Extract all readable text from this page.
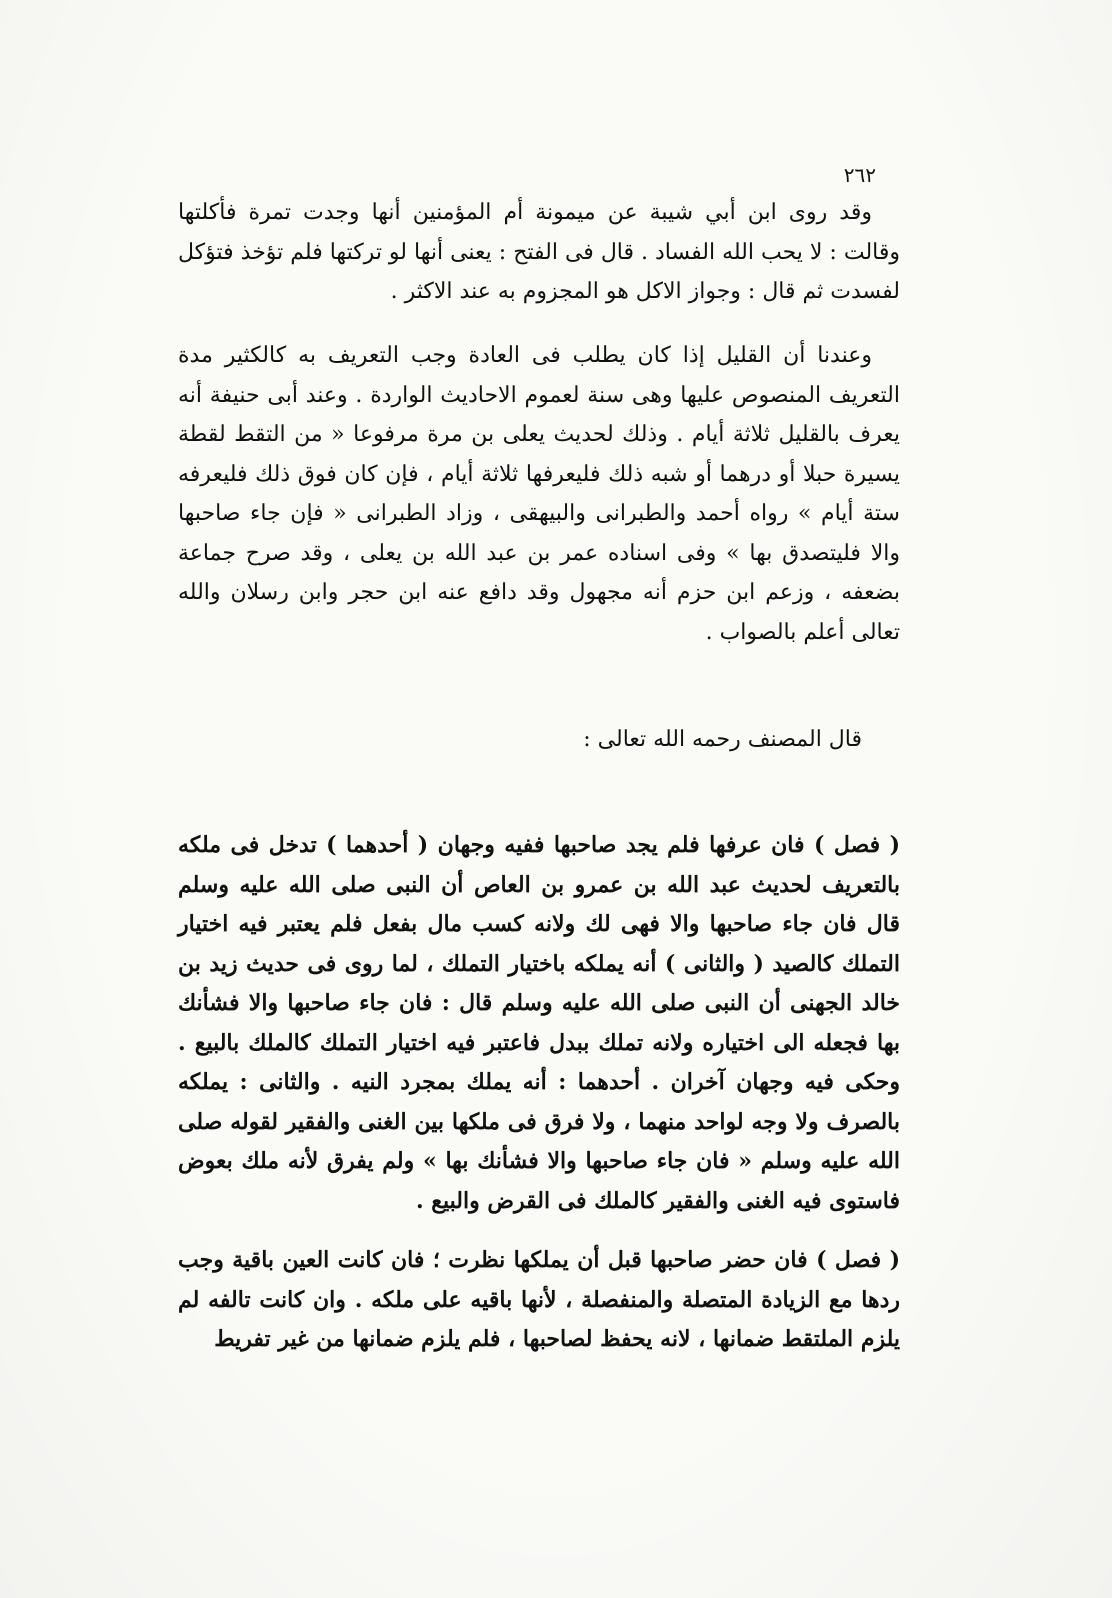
٢٦٢

وقد روى ابن أبي شيبة عن ميمونة أم المؤمنين أنها وجدت تمرة فأكلتها وقالت : لا يحب الله الفساد . قال فى الفتح : يعنى أنها لو تركتها فلم تؤخذ فتؤكل لفسدت ثم قال : وجواز الاكل هو المجزوم به عند الاكثر .

وعندنا أن القليل إذا كان يطلب فى العادة وجب التعريف به كالكثير مدة التعريف المنصوص عليها وهى سنة لعموم الاحاديث الواردة . وعند أبى حنيفة أنه يعرف بالقليل ثلاثة أيام . وذلك لحديث يعلى بن مرة مرفوعا « من التقط لقطة يسيرة حبلا أو درهما أو شبه ذلك فليعرفها ثلاثة أيام ، فإن كان فوق ذلك فليعرفه ستة أيام » رواه أحمد والطبرانى والبيهقى ، وزاد الطبرانى « فإن جاء صاحبها والا فليتصدق بها » وفى اسناده عمر بن عبد الله بن يعلى ، وقد صرح جماعة بضعفه ، وزعم ابن حزم أنه مجهول وقد دافع عنه ابن حجر وابن رسلان والله تعالى أعلم بالصواب .

قال المصنف رحمه الله تعالى :

( فصل ) فان عرفها فلم يجد صاحبها ففيه وجهان ( أحدهما ) تدخل فى ملكه بالتعريف لحديث عبد الله بن عمرو بن العاص أن النبى صلى الله عليه وسلم قال فان جاء صاحبها والا فهى لك ولانه كسب مال بفعل فلم يعتبر فيه اختيار التملك كالصيد ( والثانى ) أنه يملكه باختيار التملك ، لما روى فى حديث زيد بن خالد الجهنى أن النبى صلى الله عليه وسلم قال : فان جاء صاحبها والا فشأنك بها فجعله الى اختياره ولانه تملك ببدل فاعتبر فيه اختيار التملك كالملك بالبيع . وحكى فيه وجهان آخران . أحدهما : أنه يملك بمجرد النيه . والثانى : يملكه بالصرف ولا وجه لواحد منهما ، ولا فرق فى ملكها بين الغنى والفقير لقوله صلى الله عليه وسلم « فان جاء صاحبها والا فشأنك بها » ولم يفرق لأنه ملك بعوض فاستوى فيه الغنى والفقير كالملك فى القرض والبيع .

( فصل ) فان حضر صاحبها قبل أن يملكها نظرت ؛ فان كانت العين باقية وجب ردها مع الزيادة المتصلة والمنفصلة ، لأنها باقيه على ملكه . وان كانت تالفه لم يلزم الملتقط ضمانها ، لانه يحفظ لصاحبها ، فلم يلزم ضمانها من غير تفريط
